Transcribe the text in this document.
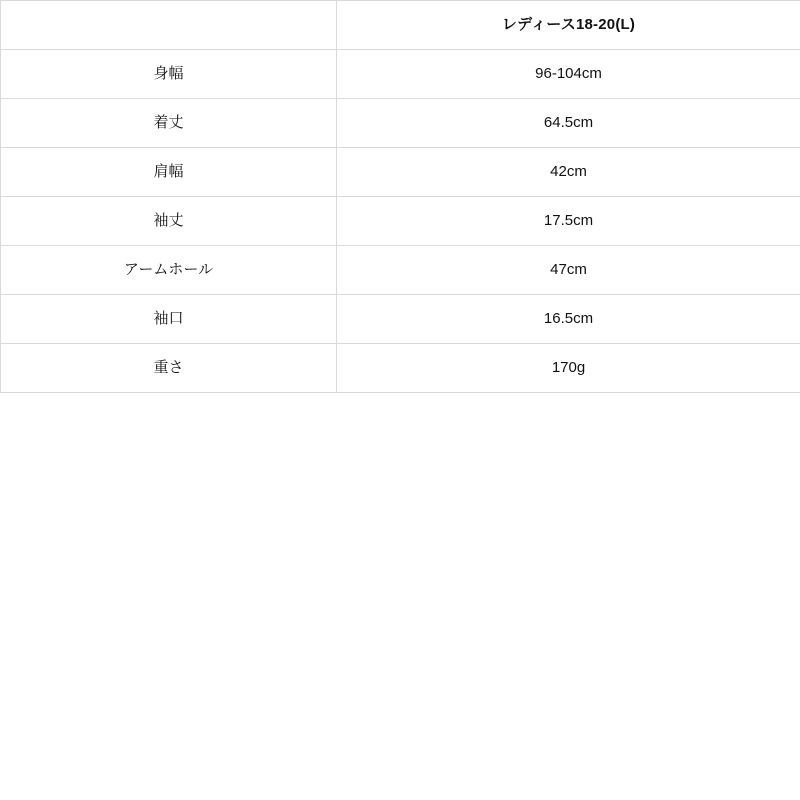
	レディース18-20(L)
身幅	96-104cm
着丈	64.5cm
肩幅	42cm
袖丈	17.5cm
アームホール	47cm
袖口	16.5cm
重さ	170g
